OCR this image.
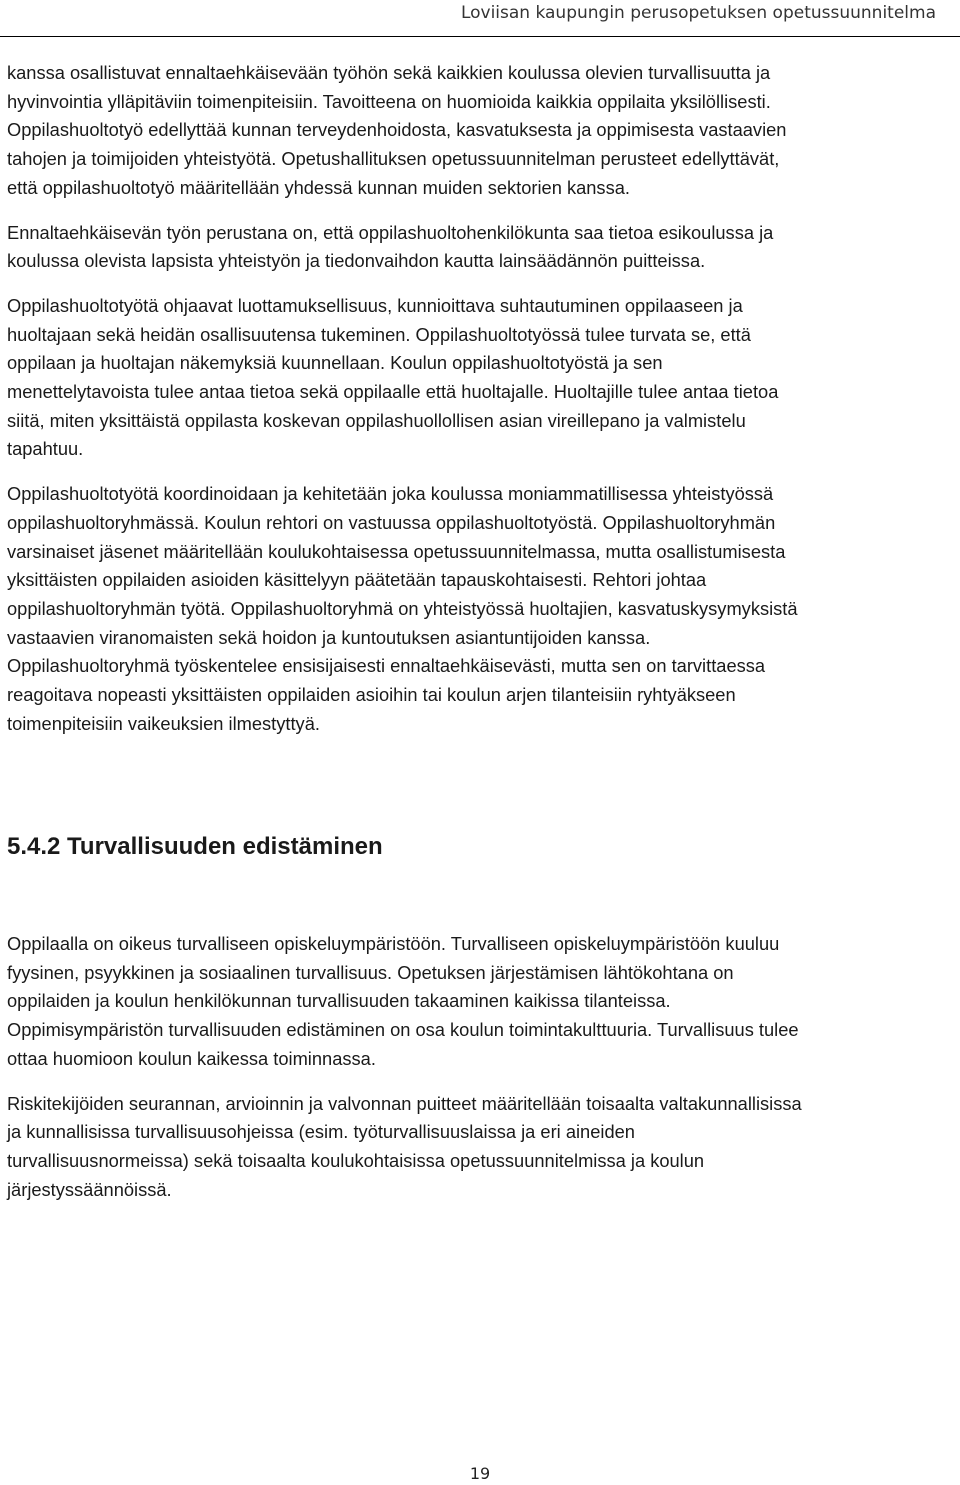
Loviisan kaupungin perusopetuksen opetussuunnitelma

kanssa osallistuvat ennaltaehkäisevään työhön sekä kaikkien koulussa olevien turvallisuutta ja
hyvinvointia ylläpitäviin toimenpiteisiin. Tavoitteena on huomioida kaikkia oppilaita yksilöllisesti.
Oppilashuoltotyö edellyttää kunnan terveydenhoidosta, kasvatuksesta ja oppimisesta vastaavien
tahojen ja toimijoiden yhteistyötä. Opetushallituksen opetussuunnitelman perusteet edellyttävät,
että oppilashuoltotyö määritellään yhdessä kunnan muiden sektorien kanssa.

Ennaltaehkäisevän työn perustana on, että oppilashuoltohenkilökunta saa tietoa esikoulussa ja
koulussa olevista lapsista yhteistyön ja tiedonvaihdon kautta lainsäädännön puitteissa.

Oppilashuoltotyötä ohjaavat luottamuksellisuus, kunnioittava suhtautuminen oppilaaseen ja
huoltajaan sekä heidän osallisuutensa tukeminen. Oppilashuoltotyössä tulee turvata se, että
oppilaan ja huoltajan näkemyksiä kuunnellaan. Koulun oppilashuoltotyöstä ja sen
menettelytavoista tulee antaa tietoa sekä oppilaalle että huoltajalle. Huoltajille tulee antaa tietoa
siitä, miten yksittäistä oppilasta koskevan oppilashuollollisen asian vireillepano ja valmistelu
tapahtuu.

Oppilashuoltotyötä koordinoidaan ja kehitetään joka koulussa moniammatillisessa yhteistyössä
oppilashuoltoryhmässä. Koulun rehtori on vastuussa oppilashuoltotyöstä. Oppilashuoltoryhmän
varsinaiset jäsenet määritellään koulukohtaisessa opetussuunnitelmassa, mutta osallistumisesta
yksittäisten oppilaiden asioiden käsittelyyn päätetään tapauskohtaisesti. Rehtori johtaa
oppilashuoltoryhmän työtä. Oppilashuoltoryhmä on yhteistyössä huoltajien, kasvatuskysymyksistä
vastaavien viranomaisten sekä hoidon ja kuntoutuksen asiantuntijoiden kanssa.
Oppilashuoltoryhmä työskentelee ensisijaisesti ennaltaehkäisevästi, mutta sen on tarvittaessa
reagoitava nopeasti yksittäisten oppilaiden asioihin tai koulun arjen tilanteisiin ryhtyäkseen
toimenpiteisiin vaikeuksien ilmestyttyä.

5.4.2 Turvallisuuden edistäminen

Oppilaalla on oikeus turvalliseen opiskeluympäristöön. Turvalliseen opiskeluympäristöön kuuluu
fyysinen, psyykkinen ja sosiaalinen turvallisuus. Opetuksen järjestämisen lähtökohtana on
oppilaiden ja koulun henkilökunnan turvallisuuden takaaminen kaikissa tilanteissa.
Oppimisympäristön turvallisuuden edistäminen on osa koulun toimintakulttuuria. Turvallisuus tulee
ottaa huomioon koulun kaikessa toiminnassa.

Riskitekijöiden seurannan, arvioinnin ja valvonnan puitteet määritellään toisaalta valtakunnallisissa
ja kunnallisissa turvallisuusohjeissa (esim. työturvallisuuslaissa ja eri aineiden
turvallisuusnormeissa) sekä toisaalta koulukohtaisissa opetussuunnitelmissa ja koulun
järjestyssäännöissä.

19
